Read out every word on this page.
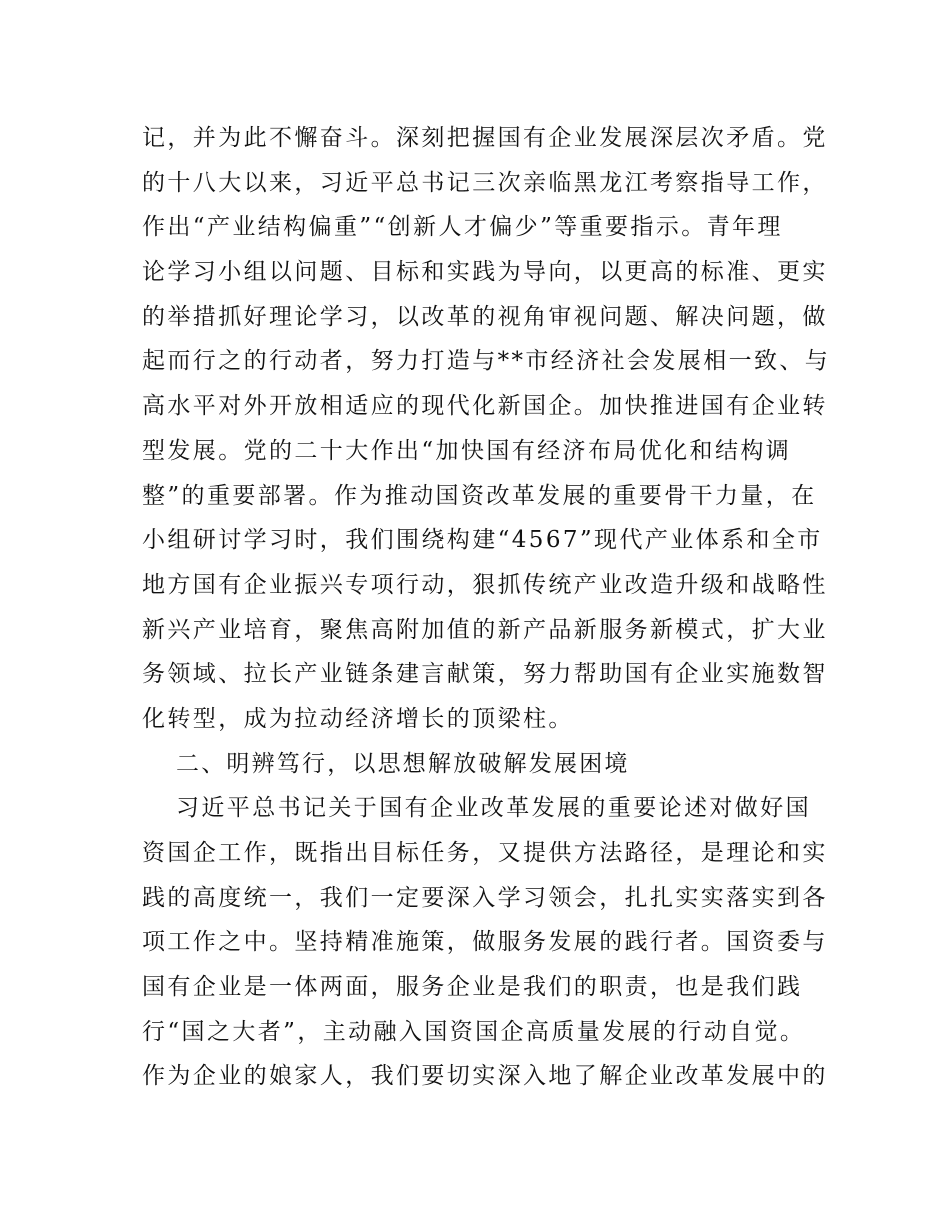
记，并为此不懈奋斗。深刻把握国有企业发展深层次矛盾。党
的十八大以来，习近平总书记三次亲临黑龙江考察指导工作，
作出“产业结构偏重”“创新人才偏少”等重要指示。青年理
论学习小组以问题、目标和实践为导向，以更高的标准、更实
的举措抓好理论学习，以改革的视角审视问题、解决问题，做
起而行之的行动者，努力打造与**市经济社会发展相一致、与
高水平对外开放相适应的现代化新国企。加快推进国有企业转
型发展。党的二十大作出“加快国有经济布局优化和结构调
整”的重要部署。作为推动国资改革发展的重要骨干力量，在
小组研讨学习时，我们围绕构建“4567”现代产业体系和全市
地方国有企业振兴专项行动，狠抓传统产业改造升级和战略性
新兴产业培育，聚焦高附加值的新产品新服务新模式，扩大业
务领域、拉长产业链条建言献策，努力帮助国有企业实施数智
化转型，成为拉动经济增长的顶梁柱。
二、明辨笃行，以思想解放破解发展困境
习近平总书记关于国有企业改革发展的重要论述对做好国
资国企工作，既指出目标任务，又提供方法路径，是理论和实
践的高度统一，我们一定要深入学习领会，扎扎实实落实到各
项工作之中。坚持精准施策，做服务发展的践行者。国资委与
国有企业是一体两面，服务企业是我们的职责，也是我们践
行“国之大者”，主动融入国资国企高质量发展的行动自觉。
作为企业的娘家人，我们要切实深入地了解企业改革发展中的
